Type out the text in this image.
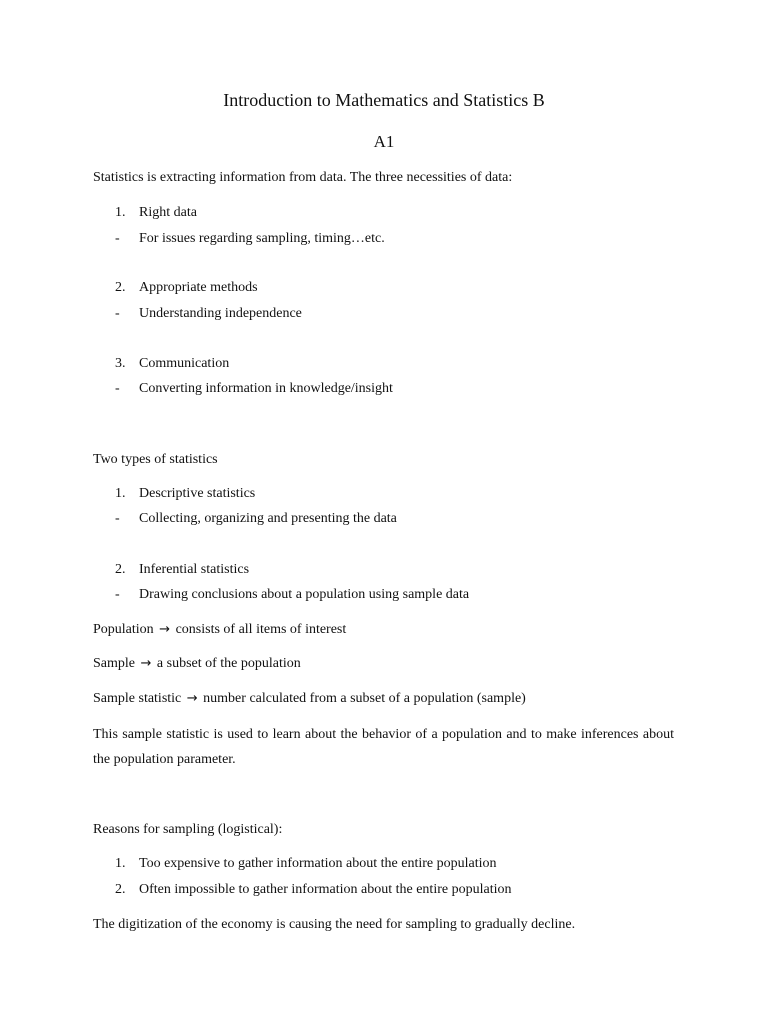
Introduction to Mathematics and Statistics B
A1
Statistics is extracting information from data. The three necessities of data:
1. Right data
- For issues regarding sampling, timing…etc.
2. Appropriate methods
- Understanding independence
3. Communication
- Converting information in knowledge/insight
Two types of statistics
1. Descriptive statistics
- Collecting, organizing and presenting the data
2. Inferential statistics
- Drawing conclusions about a population using sample data
Population → consists of all items of interest
Sample → a subset of the population
Sample statistic → number calculated from a subset of a population (sample)
This sample statistic is used to learn about the behavior of a population and to make inferences about the population parameter.
Reasons for sampling (logistical):
1. Too expensive to gather information about the entire population
2. Often impossible to gather information about the entire population
The digitization of the economy is causing the need for sampling to gradually decline.
